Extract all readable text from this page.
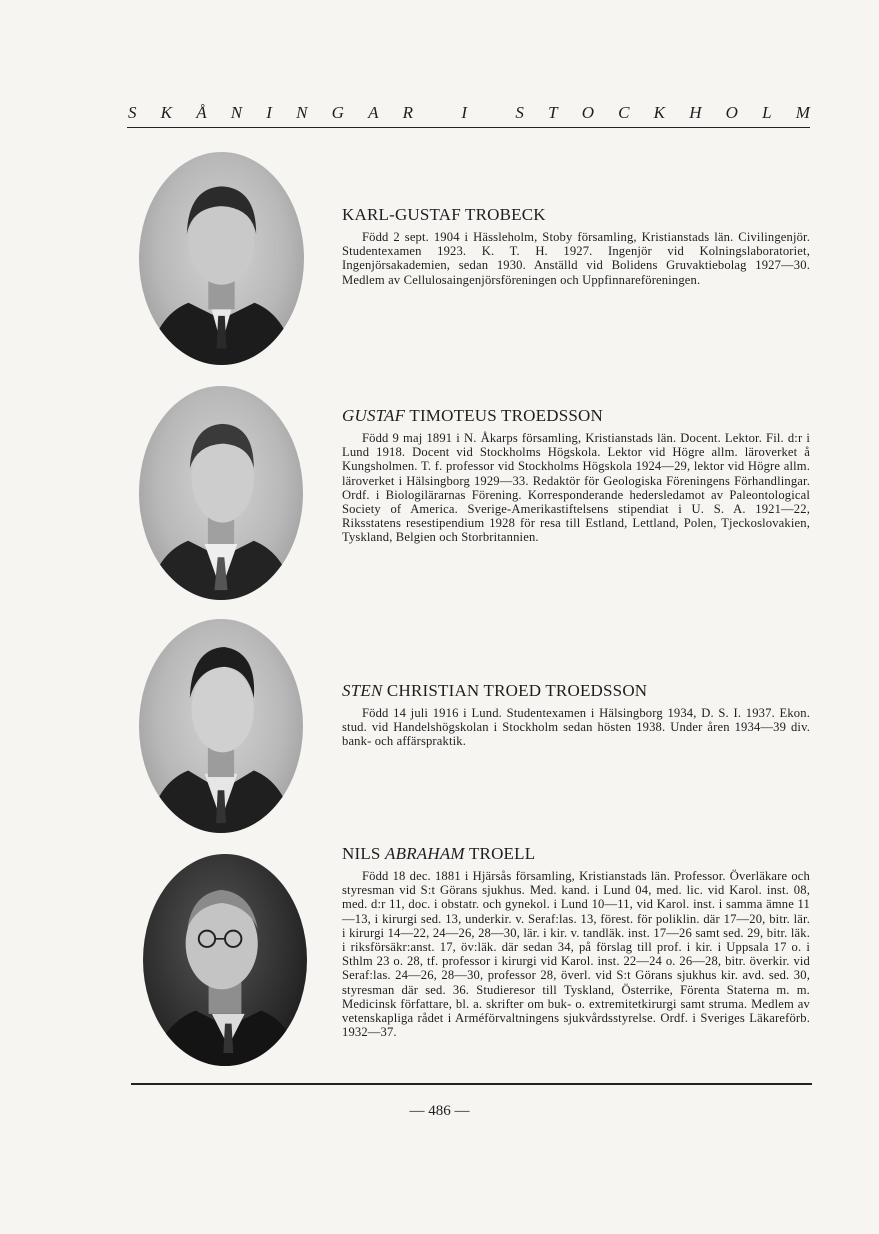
S K Å N I N G A R	I	S T O C K H O L M
KARL-GUSTAF TROBECK

Född 2 sept. 1904 i Hässleholm, Stoby församling, Kristianstads län. Civilingenjör. Studentexamen 1923. K. T. H. 1927. Ingenjör vid Kolningslaboratoriet, Ingenjörsakademien, sedan 1930. Anställd vid Bolidens Gruvaktiebolag 1927—30. Medlem av Cellulosaingenjörsföreningen och Uppfinnareföreningen.

GUSTAF TIMOTEUS TROEDSSON

Född 9 maj 1891 i N. Åkarps församling, Kristianstads län. Docent. Lektor. Fil. d:r i Lund 1918. Docent vid Stockholms Högskola. Lektor vid Högre allm. läroverket å Kungsholmen. T. f. professor vid Stockholms Högskola 1924—29, lektor vid Högre allm. läroverket i Hälsingborg 1929—33. Redaktör för Geologiska Föreningens Förhandlingar. Ordf. i Biologilärarnas Förening. Korresponderande hedersledamot av Paleontological Society of America. Sverige-Amerikastiftelsens stipendiat i U. S. A. 1921—22, Riksstatens resestipendium 1928 för resa till Estland, Lettland, Polen, Tjeckoslovakien, Tyskland, Belgien och Storbritannien.

STEN CHRISTIAN TROED TROEDSSON

Född 14 juli 1916 i Lund. Studentexamen i Hälsingborg 1934, D. S. I. 1937. Ekon. stud. vid Handelshögskolan i Stockholm sedan hösten 1938. Under åren 1934—39 div. bank- och affärspraktik.

NILS ABRAHAM TROELL

Född 18 dec. 1881 i Hjärsås församling, Kristianstads län. Professor. Överläkare och styresman vid S:t Görans sjukhus. Med. kand. i Lund 04, med. lic. vid Karol. inst. 08, med. d:r 11, doc. i obstatr. och gynekol. i Lund 10—11, vid Karol. inst. i samma ämne 11—13, i kirurgi sed. 13, underkir. v. Seraf:las. 13, förest. för poliklin. där 17—20, bitr. lär. i kirurgi 14—22, 24—26, 28—30, lär. i kir. v. tandläk. inst. 17—26 samt sed. 29, bitr. läk. i riksförsäkr:anst. 17, öv:läk. där sedan 34, på förslag till prof. i kir. i Uppsala 17 o. i Sthlm 23 o. 28, tf. professor i kirurgi vid Karol. inst. 22—24 o. 26—28, bitr. överkir. vid Seraf:las. 24—26, 28—30, professor 28, överl. vid S:t Görans sjukhus kir. avd. sed. 30, styresman där sed. 36. Studieresor till Tyskland, Österrike, Förenta Staterna m. m. Medicinsk författare, bl. a. skrifter om buk- o. extremitetkirurgi samt struma. Medlem av vetenskapliga rådet i Arméförvaltningens sjukvårdsstyrelse. Ordf. i Sveriges Läkareförb. 1932—37.

— 486 —
